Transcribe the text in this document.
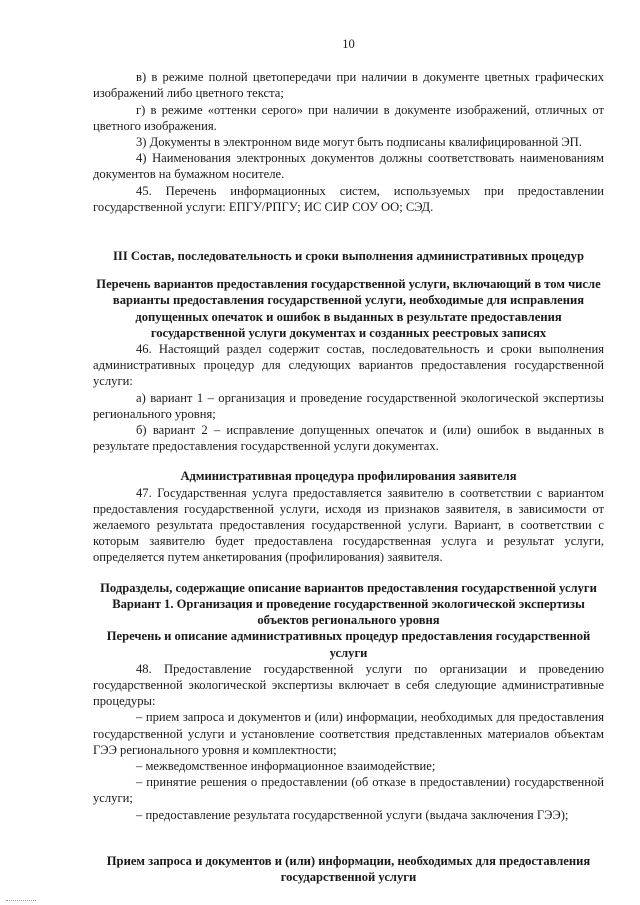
10

в) в режиме полной цветопередачи при наличии в документе цветных графических изображений либо цветного текста;

г) в режиме «оттенки серого» при наличии в документе изображений, отличных от цветного изображения.

3) Документы в электронном виде могут быть подписаны квалифицированной ЭП.

4) Наименования электронных документов должны соответствовать наименованиям документов на бумажном носителе.

45. Перечень информационных систем, используемых при предоставлении государственной услуги: ЕПГУ/РПГУ; ИС СИР СОУ ОО; СЭД.

III Состав, последовательность и сроки выполнения административных процедур

Перечень вариантов предоставления государственной услуги, включающий в том числе варианты предоставления государственной услуги, необходимые для исправления допущенных опечаток и ошибок в выданных в результате предоставления государственной услуги документах и созданных реестровых записях

46. Настоящий раздел содержит состав, последовательность и сроки выполнения административных процедур для следующих вариантов предоставления государственной услуги:

а) вариант 1 – организация и проведение государственной экологической экспертизы регионального уровня;

б) вариант 2 – исправление допущенных опечаток и (или) ошибок в выданных в результате предоставления государственной услуги документах.

Административная процедура профилирования заявителя

47. Государственная услуга предоставляется заявителю в соответствии с вариантом предоставления государственной услуги, исходя из признаков заявителя, в зависимости от желаемого результата предоставления государственной услуги. Вариант, в соответствии с которым заявителю будет предоставлена государственная услуга и результат услуги, определяется путем анкетирования (профилирования) заявителя.

Подразделы, содержащие описание вариантов предоставления государственной услуги

Вариант 1. Организация и проведение государственной экологической экспертизы объектов регионального уровня

Перечень и описание административных процедур предоставления государственной услуги

48. Предоставление государственной услуги по организации и проведению государственной экологической экспертизы включает в себя следующие административные процедуры:

– прием запроса и документов и (или) информации, необходимых для предоставления государственной услуги и установление соответствия представленных материалов объектам ГЭЭ регионального уровня и комплектности;

– межведомственное информационное взаимодействие;

– принятие решения о предоставлении (об отказе в предоставлении) государственной услуги;

– предоставление результата государственной услуги (выдача заключения ГЭЭ);

Прием запроса и документов и (или) информации, необходимых для предоставления государственной услуги
